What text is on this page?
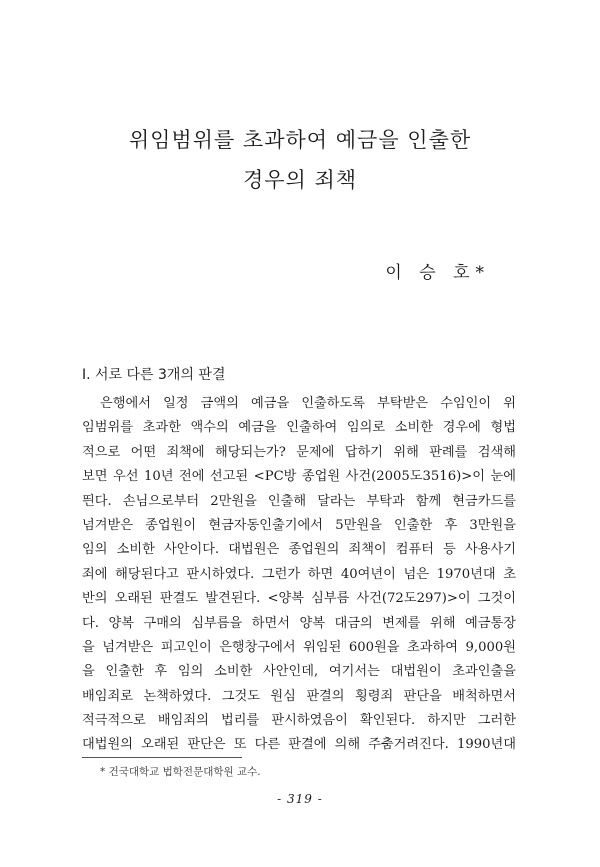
위임범위를 초과하여 예금을 인출한
경우의 죄책
이 승 호*
Ⅰ. 서로 다른 3개의 판결
은행에서 일정 금액의 예금을 인출하도록 부탁받은 수임인이 위
임범위를 초과한 액수의 예금을 인출하여 임의로 소비한 경우에 형법
적으로 어떤 죄책에 해당되는가? 문제에 답하기 위해 판례를 검색해
보면 우선 10년 전에 선고된 <PC방 종업원 사건(2005도3516)>이 눈에
띈다. 손님으로부터 2만원을 인출해 달라는 부탁과 함께 현금카드를
넘겨받은 종업원이 현금자동인출기에서 5만원을 인출한 후 3만원을
임의 소비한 사안이다. 대법원은 종업원의 죄책이 컴퓨터 등 사용사기
죄에 해당된다고 판시하였다. 그런가 하면 40여년이 넘은 1970년대 초
반의 오래된 판결도 발견된다. <양복 심부름 사건(72도297)>이 그것이
다. 양복 구매의 심부름을 하면서 양복 대금의 변제를 위해 예금통장
을 넘겨받은 피고인이 은행창구에서 위임된 600원을 초과하여 9,000원
을 인출한 후 임의 소비한 사안인데, 여기서는 대법원이 초과인출을
배임죄로 논책하였다. 그것도 원심 판결의 횡령죄 판단을 배척하면서
적극적으로 배임죄의 법리를 판시하였음이 확인된다. 하지만 그러한
대법원의 오래된 판단은 또 다른 판결에 의해 주춤거려진다. 1990년대
* 건국대학교 법학전문대학원 교수.
- 319 -
